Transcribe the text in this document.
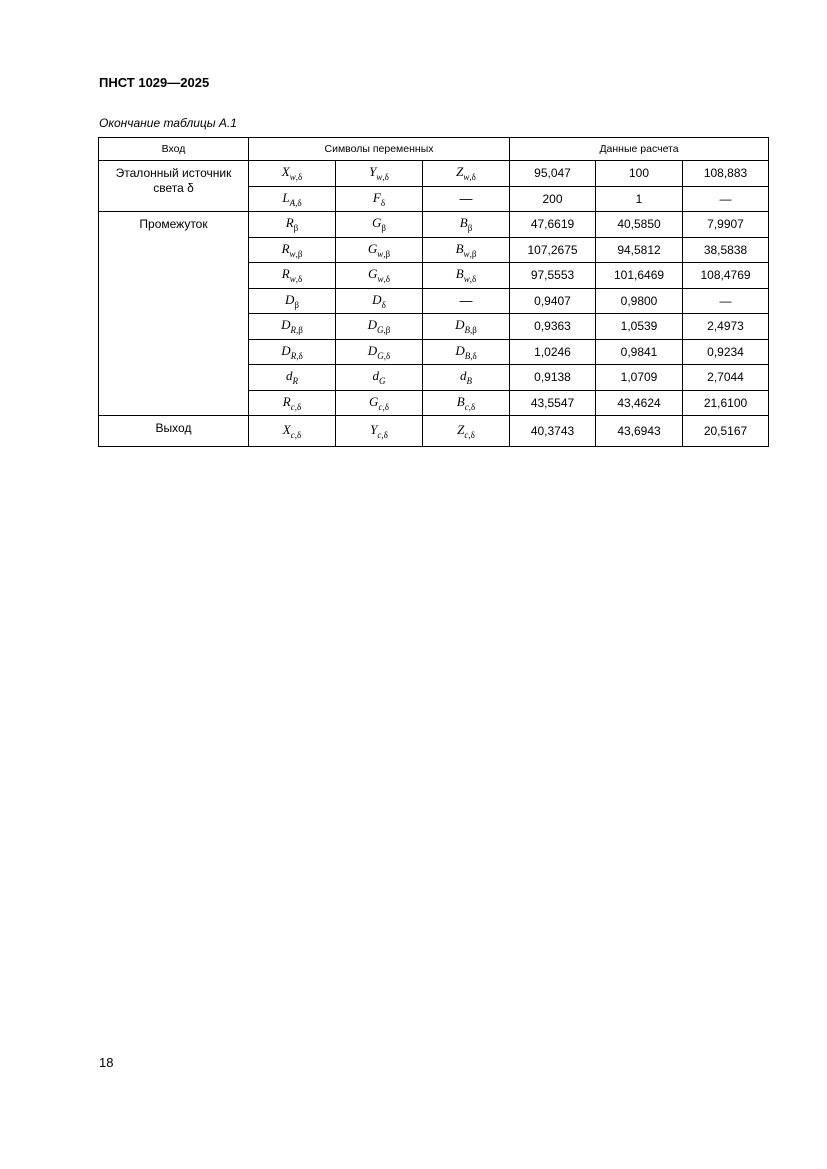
ПНСТ 1029—2025
Окончание таблицы А.1
Вход	Символы переменных			Данные расчета		
Эталонный источник света δ	$X_{w,\delta}$	$Y_{w,\delta}$	$Z_{w,\delta}$	95,047	100	108,883
	$L_{A,\delta}$	$F_\delta$	—	200	1	—
Промежуток	$R_\beta$	$G_\beta$	$B_\beta$	47,6619	40,5850	7,9907
	$R_{w,\beta}$	$G_{w,\beta}$	$B_{w,\beta}$	107,2675	94,5812	38,5838
	$R_{w,\delta}$	$G_{w,\delta}$	$B_{w,\delta}$	97,5553	101,6469	108,4769
	$D_\beta$	$D_\delta$	—	0,9407	0,9800	—
	$D_{R,\beta}$	$D_{G,\beta}$	$D_{B,\beta}$	0,9363	1,0539	2,4973
	$D_{R,\delta}$	$D_{G,\delta}$	$D_{B,\delta}$	1,0246	0,9841	0,9234
	$d_R$	$d_G$	$d_B$	0,9138	1,0709	2,7044
	$R_{c,\delta}$	$G_{c,\delta}$	$B_{c,\delta}$	43,5547	43,4624	21,6100
Выход	$X_{c,\delta}$	$Y_{c,\delta}$	$Z_{c,\delta}$	40,3743	43,6943	20,5167
18
